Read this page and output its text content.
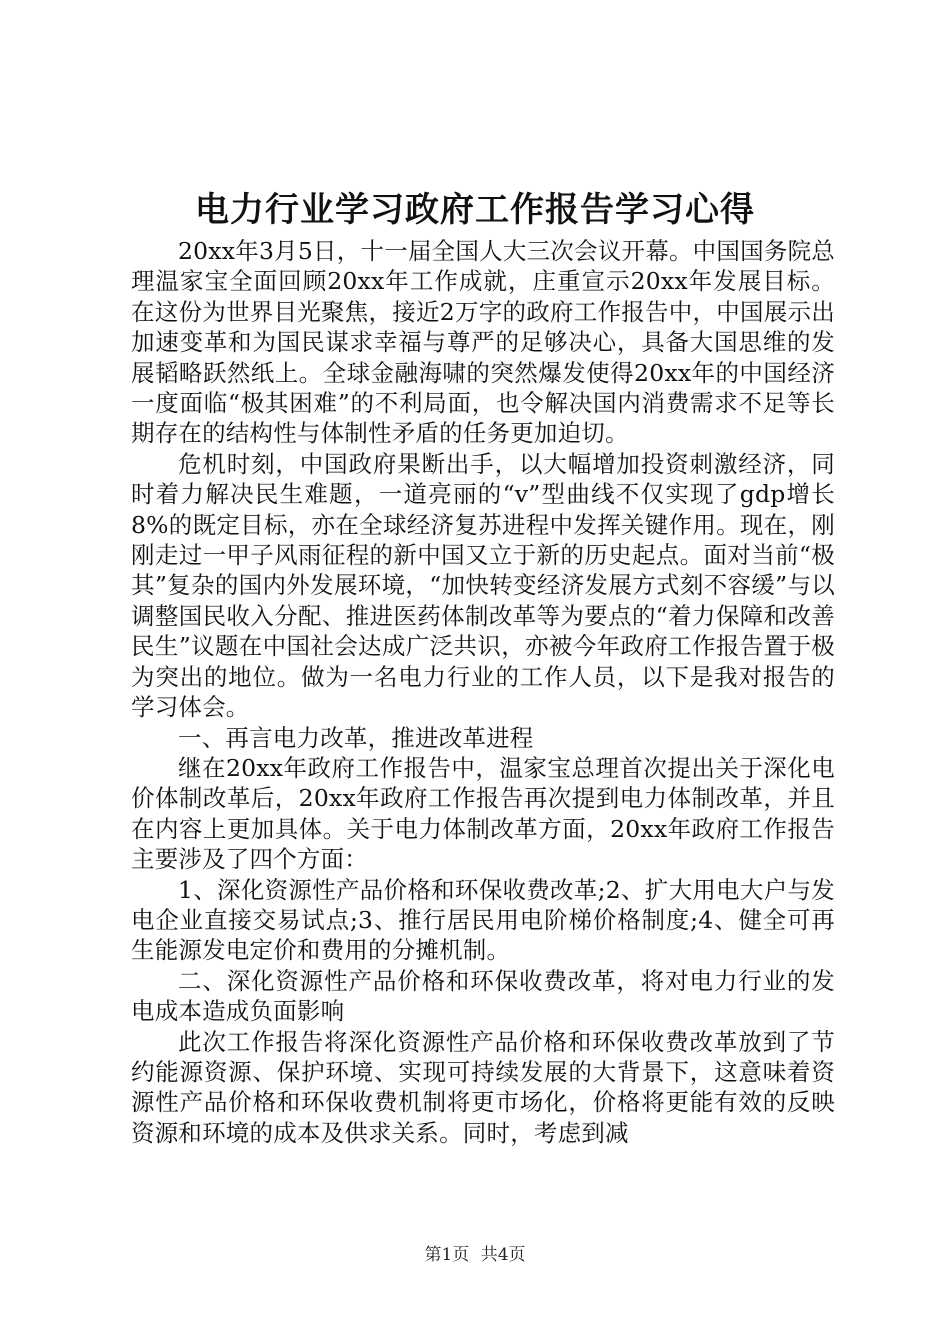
电力行业学习政府工作报告学习心得

20xx年3月5日，十一届全国人大三次会议开幕。中国国务院总理温家宝全面回顾20xx年工作成就，庄重宣示20xx年发展目标。在这份为世界目光聚焦，接近2万字的政府工作报告中，中国展示出加速变革和为国民谋求幸福与尊严的足够决心，具备大国思维的发展韬略跃然纸上。全球金融海啸的突然爆发使得20xx年的中国经济一度面临“极其困难”的不利局面，也令解决国内消费需求不足等长期存在的结构性与体制性矛盾的任务更加迫切。

危机时刻，中国政府果断出手，以大幅增加投资刺激经济，同时着力解决民生难题，一道亮丽的“v”型曲线不仅实现了gdp增长8%的既定目标，亦在全球经济复苏进程中发挥关键作用。现在，刚刚走过一甲子风雨征程的新中国又立于新的历史起点。面对当前“极其”复杂的国内外发展环境，“加快转变经济发展方式刻不容缓”与以调整国民收入分配、推进医药体制改革等为要点的“着力保障和改善民生”议题在中国社会达成广泛共识，亦被今年政府工作报告置于极为突出的地位。做为一名电力行业的工作人员，以下是我对报告的学习体会。

一、再言电力改革，推进改革进程

继在20xx年政府工作报告中，温家宝总理首次提出关于深化电价体制改革后，20xx年政府工作报告再次提到电力体制改革，并且在内容上更加具体。关于电力体制改革方面，20xx年政府工作报告主要涉及了四个方面：

1、深化资源性产品价格和环保收费改革;2、扩大用电大户与发电企业直接交易试点;3、推行居民用电阶梯价格制度;4、健全可再生能源发电定价和费用的分摊机制。

二、深化资源性产品价格和环保收费改革，将对电力行业的发电成本造成负面影响

此次工作报告将深化资源性产品价格和环保收费改革放到了节约能源资源、保护环境、实现可持续发展的大背景下，这意味着资源性产品价格和环保收费机制将更市场化，价格将更能有效的反映资源和环境的成本及供求关系。同时，考虑到减

第1页 共4页
